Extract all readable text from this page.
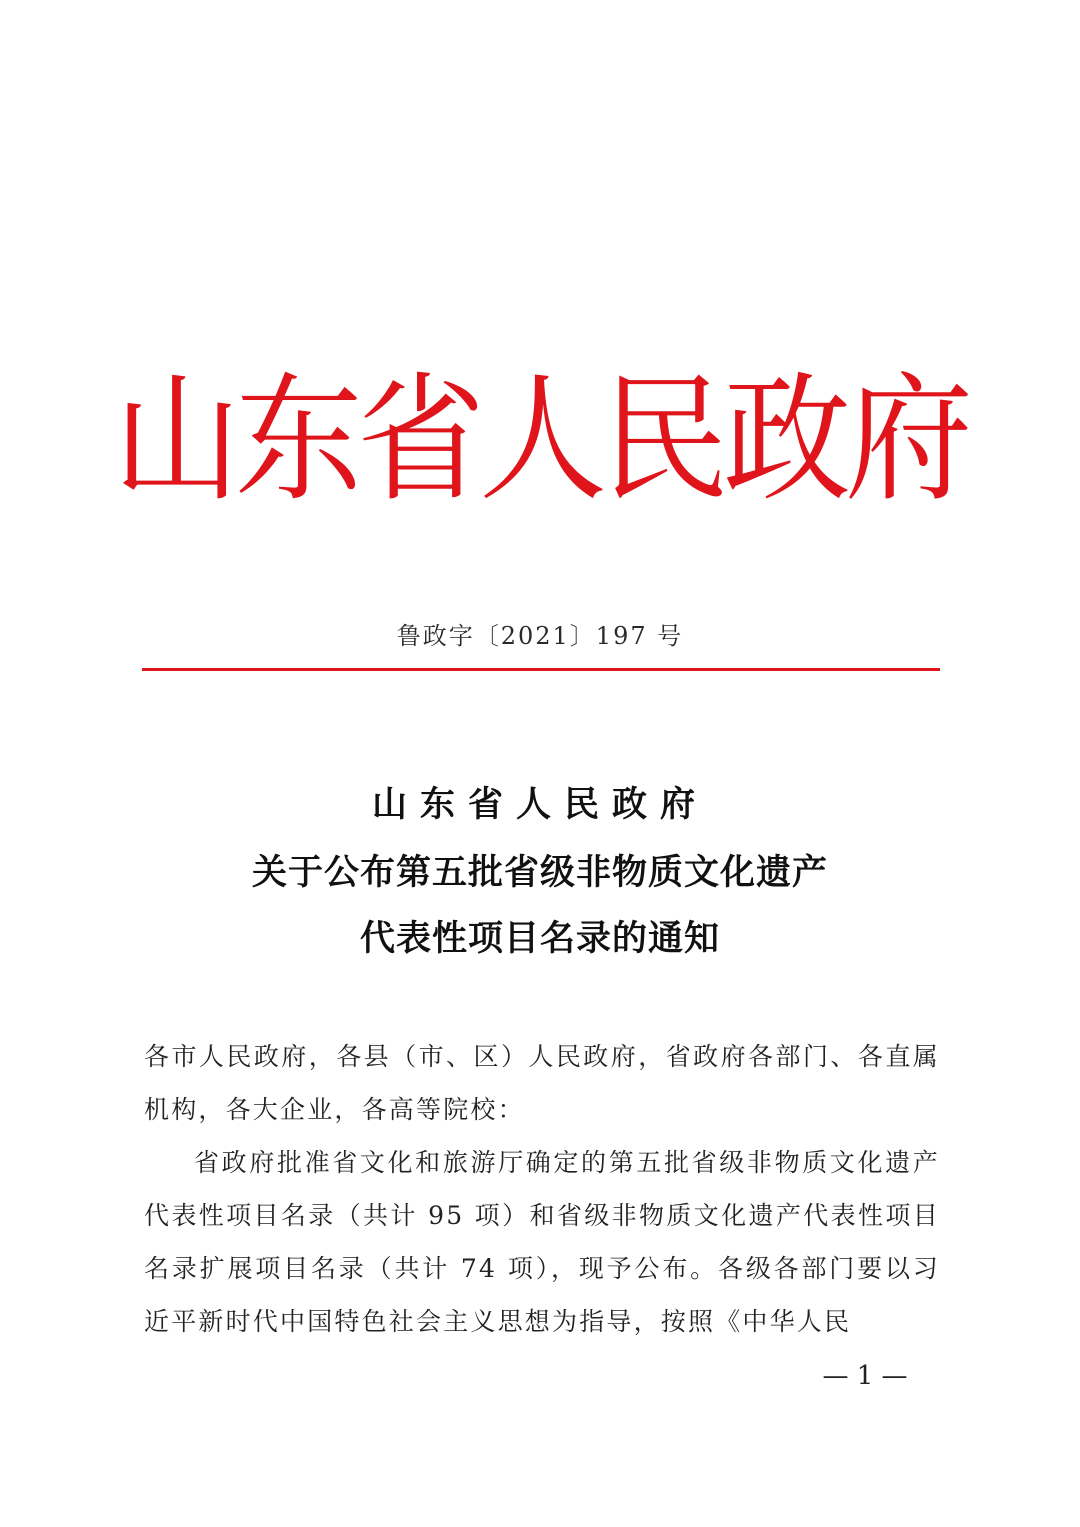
山东省人民政府
鲁政字〔2021〕197 号
山东省人民政府
关于公布第五批省级非物质文化遗产
代表性项目名录的通知

各市人民政府，各县（市、区）人民政府，省政府各部门、各直属机构，各大企业，各高等院校：

省政府批准省文化和旅游厅确定的第五批省级非物质文化遗产代表性项目名录（共计 95 项）和省级非物质文化遗产代表性项目名录扩展项目名录（共计 74 项），现予公布。各级各部门要以习近平新时代中国特色社会主义思想为指导，按照《中华人民

— 1 —
